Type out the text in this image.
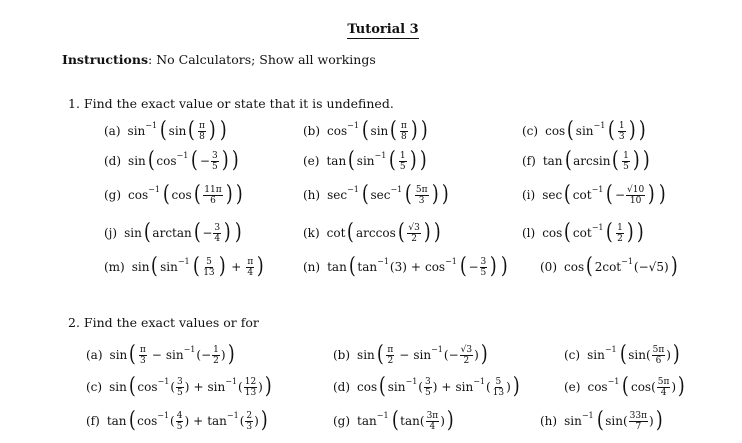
Tutorial 3
Instructions: No Calculators; Show all workings
1. Find the exact value or state that it is undefined.
(a) sin −1 ( sin ( $\frac{\pi}{8}$ ) )	(b) cos −1 ( sin ( $\frac{\pi}{8}$ ) )	(c) cos ( sin −1 ( $\frac{1}{3}$ ) )
(d) sin ( cos −1 ( − $\frac{3}{5}$ ) )	(e) tan ( sin −1 ( $\frac{1}{5}$ ) )	(f) tan ( arcsin ( $\frac{1}{5}$ ) )
(g) cos −1 ( cos ( $\frac{11\pi}{6}$ ) )	(h) sec −1 ( sec −1 ( $\frac{5\pi}{3}$ ) )	(i) sec ( cot −1 ( − $\frac{√10}{10}$ ) )
(j) sin ( arctan ( − $\frac{3}{4}$ ) )	(k) cot ( arccos ( $\frac{√3}{2}$ ) )	(l) cos ( cot −1 ( $\frac{1}{2}$ ) )
(m) sin ( sin −1 ( $\frac{5}{13}$ ) + $\frac{\pi}{4}$ )	(n) tan ( tan −1 (3) + cos −1 ( − $\frac{3}{5}$ ) )	(0) cos ( 2 cot −1 ( − √5 ) )
2. Find the exact values or for
(a) sin ( $\frac{\pi}{3} - \sin -1$ ( − $\frac{1}{2}$ ) )	(b) sin ( $\frac{\pi}{2} - \sin -1$ ( − $\frac{√3}{2}$ ) )	(c) sin −1 ( sin ( $\frac{5\pi}{6}$ ) )
(c) sin ( cos −1 ( $\frac{3}{5}$ ) + sin −1 ( $\frac{12}{13}$ ) )	(d) cos ( sin −1 ( $\frac{3}{5}$ ) + sin −1 ( $\frac{5}{13}$ ) )	(e) cos −1 ( cos ( $\frac{5\pi}{4}$ ) )
(f) tan ( cos −1 ( $\frac{4}{5}$ ) + tan −1 ( $\frac{2}{3}$ ) )	(g) tan −1 ( tan ( $\frac{3\pi}{4}$ ) )	(h) sin −1 ( sin ( $\frac{33\pi}{7}$ ) )
